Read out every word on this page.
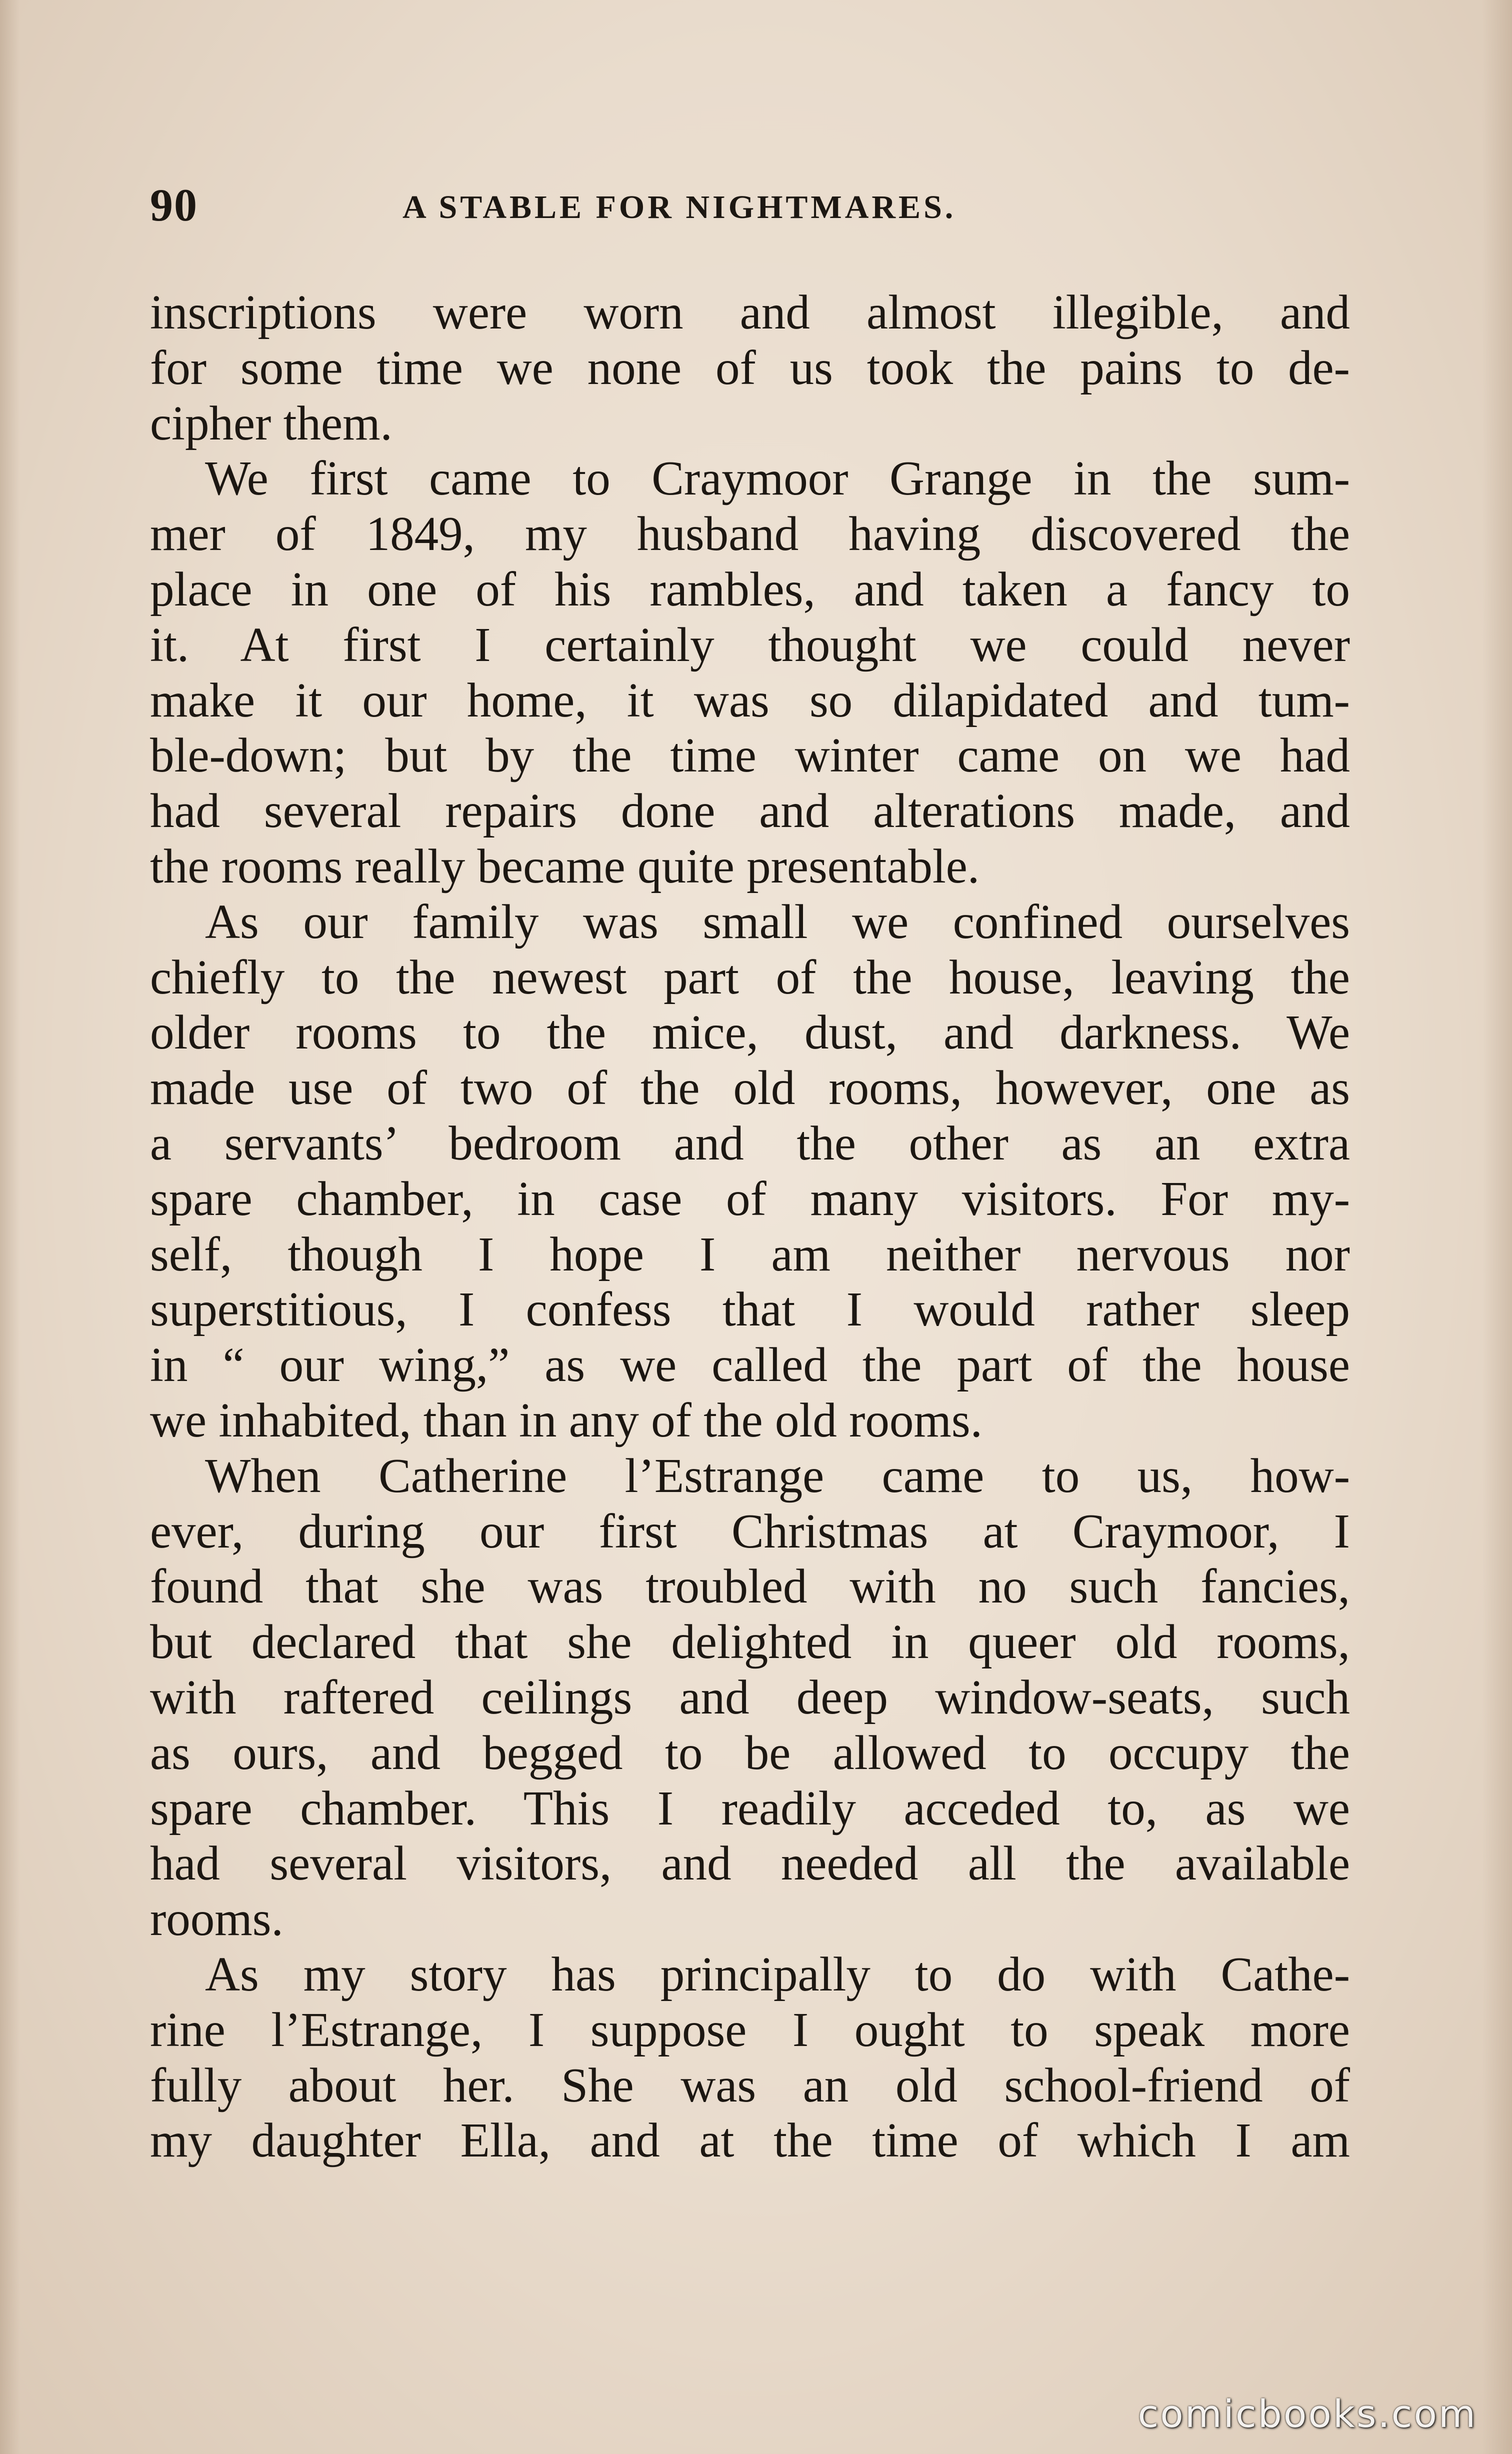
90	A STABLE FOR NIGHTMARES.
inscriptions were worn and almost illegible, and
for some time we none of us took the pains to de-
cipher them.
We first came to Craymoor Grange in the sum-
mer of 1849, my husband having discovered the
place in one of his rambles, and taken a fancy to
it. At first I certainly thought we could never
make it our home, it was so dilapidated and tum-
ble-down; but by the time winter came on we had
had several repairs done and alterations made, and
the rooms really became quite presentable.
As our family was small we confined ourselves
chiefly to the newest part of the house, leaving the
older rooms to the mice, dust, and darkness. We
made use of two of the old rooms, however, one as
a servants’ bedroom and the other as an extra
spare chamber, in case of many visitors. For my-
self, though I hope I am neither nervous nor
superstitious, I confess that I would rather sleep
in “ our wing,” as we called the part of the house
we inhabited, than in any of the old rooms.
When Catherine l’Estrange came to us, how-
ever, during our first Christmas at Craymoor, I
found that she was troubled with no such fancies,
but declared that she delighted in queer old rooms,
with raftered ceilings and deep window-seats, such
as ours, and begged to be allowed to occupy the
spare chamber. This I readily acceded to, as we
had several visitors, and needed all the available
rooms.
As my story has principally to do with Cathe-
rine l’Estrange, I suppose I ought to speak more
fully about her. She was an old school-friend of
my daughter Ella, and at the time of which I am
comicbooks.com
